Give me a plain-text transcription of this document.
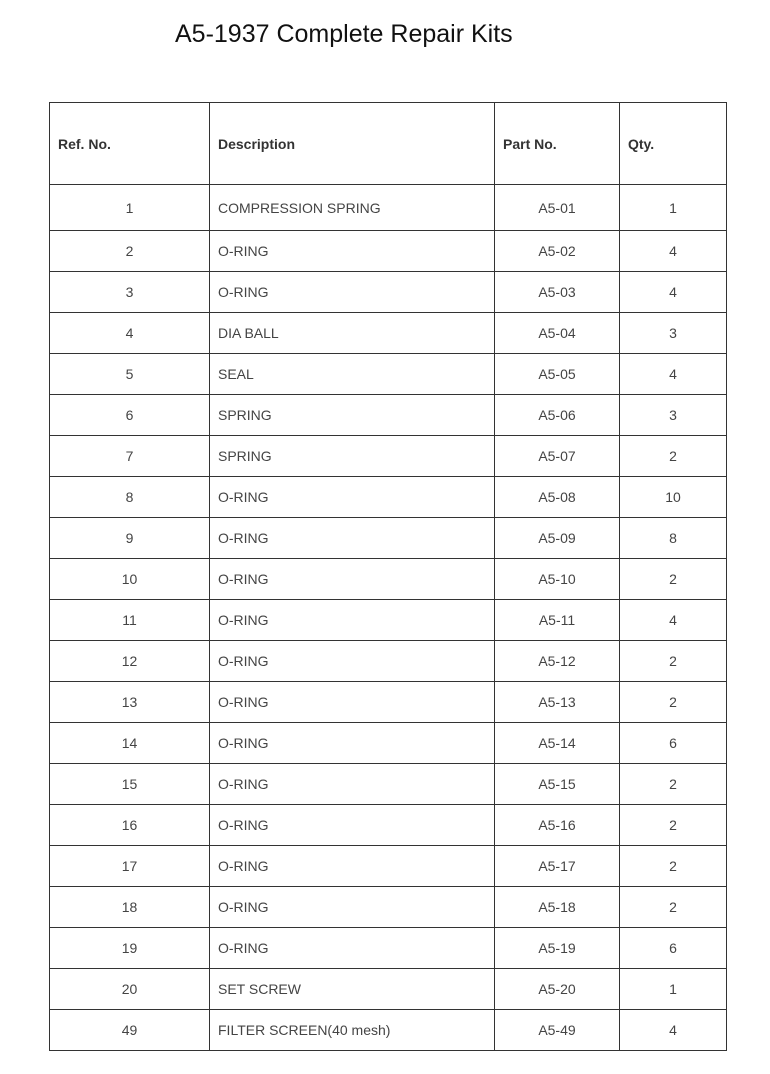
A5-1937 Complete Repair Kits
Ref. No.	Description	Part No.	Qty.
1	COMPRESSION SPRING	A5-01	1
2	O-RING	A5-02	4
3	O-RING	A5-03	4
4	DIA BALL	A5-04	3
5	SEAL	A5-05	4
6	SPRING	A5-06	3
7	SPRING	A5-07	2
8	O-RING	A5-08	10
9	O-RING	A5-09	8
10	O-RING	A5-10	2
11	O-RING	A5-11	4
12	O-RING	A5-12	2
13	O-RING	A5-13	2
14	O-RING	A5-14	6
15	O-RING	A5-15	2
16	O-RING	A5-16	2
17	O-RING	A5-17	2
18	O-RING	A5-18	2
19	O-RING	A5-19	6
20	SET SCREW	A5-20	1
49	FILTER SCREEN(40 mesh)	A5-49	4
